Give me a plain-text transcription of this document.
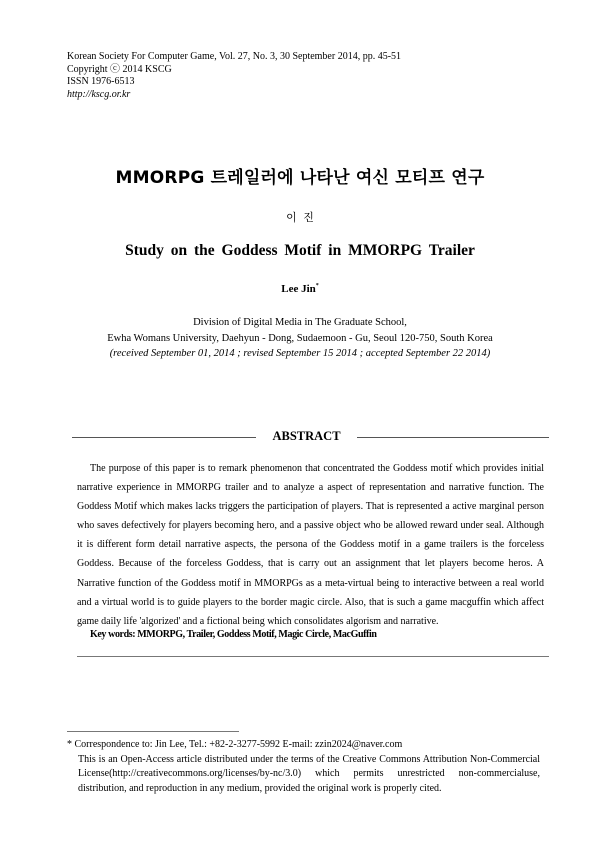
Korean Society For Computer Game, Vol. 27, No. 3, 30 September 2014, pp. 45-51
Copyright ⓒ 2014 KSCG
ISSN 1976-6513
http://kscg.or.kr
MMORPG 트레일러에 나타난 여신 모티프 연구
이 진
Study on the Goddess Motif in MMORPG Trailer
Lee Jin*
Division of Digital Media in The Graduate School,
Ewha Womans University, Daehyun - Dong, Sudaemoon - Gu, Seoul 120-750, South Korea
(received September 01, 2014 ; revised September 15 2014 ; accepted September 22 2014)
ABSTRACT
The purpose of this paper is to remark phenomenon that concentrated the Goddess motif which provides initial narrative experience in MMORPG trailer and to analyze a aspect of representation and narrative function. The Goddess Motif which makes lacks triggers the participation of players. That is represented a active marginal person who saves defectively for players becoming hero, and a passive object who be allowed reward under seal. Although it is different form detail narrative aspects, the persona of the Goddess motif in a game trailers is the forceless Goddess. Because of the forceless Goddess, that is carry out an assignment that let players become heros. A Narrative function of the Goddess motif in MMORPGs as a meta-virtual being to interactive between a real world and a virtual world is to guide players to the border magic circle. Also, that is such a game macguffin which affect game daily life 'algorized' and a fictional being which consolidates algorism and narrative.
Key words: MMORPG, Trailer, Goddess Motif, Magic Circle, MacGuffin
* Correspondence to: Jin Lee, Tel.: +82-2-3277-5992 E-mail: zzin2024@naver.com
This is an Open-Access article distributed under the terms of the Creative Commons Attribution Non-Commercial License(http://creativecommons.org/licenses/by-nc/3.0) which permits unrestricted non-commercialuse, distribution, and reproduction in any medium, provided the original work is properly cited.
